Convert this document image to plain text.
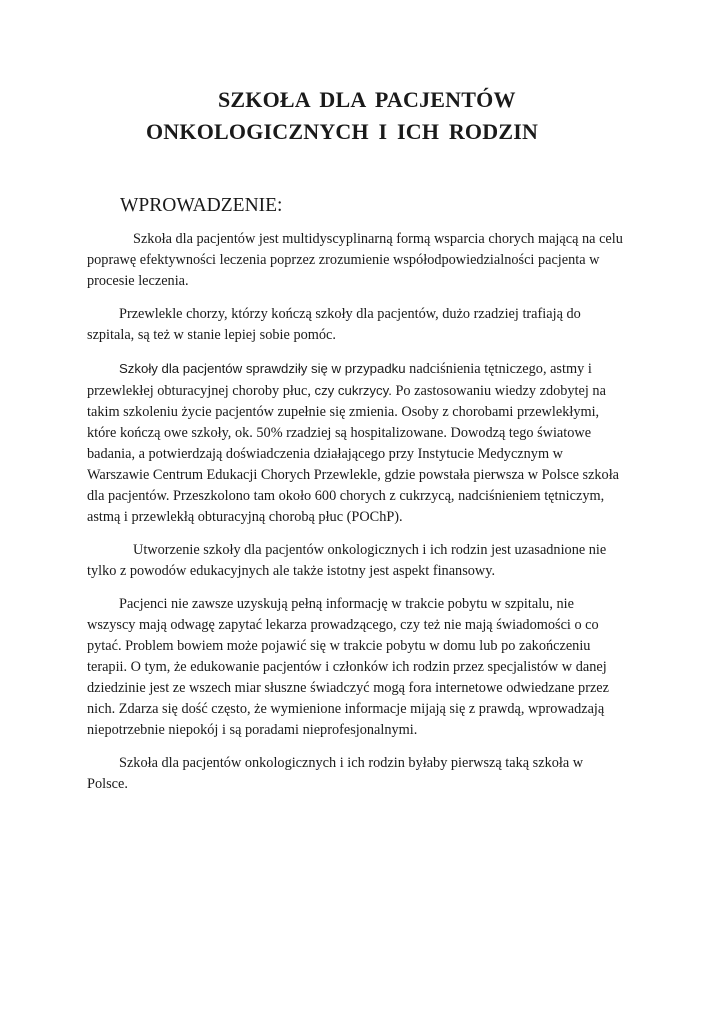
SZKOŁA DLA PACJENTÓW
ONKOLOGICZNYCH I ICH RODZIN
WPROWADZENIE:
Szkoła dla pacjentów jest multidyscyplinarną formą wsparcia chorych mającą na celu
poprawę efektywności leczenia poprzez zrozumienie współodpowiedzialności pacjenta w
procesie leczenia.
Przewlekle chorzy, którzy kończą szkoły dla pacjentów, dużo rzadziej trafiają do
szpitala, są też w stanie lepiej sobie pomóc.
Szkoły dla pacjentów sprawdziły się w przypadku nadciśnienia tętniczego, astmy i
przewlekłej obturacyjnej choroby płuc, czy cukrzycy. Po zastosowaniu wiedzy zdobytej na
takim szkoleniu życie pacjentów zupełnie się zmienia. Osoby z chorobami przewlekłymi,
które kończą owe szkoły, ok. 50% rzadziej są hospitalizowane. Dowodzą tego światowe
badania, a potwierdzają doświadczenia działającego przy Instytucie Medycznym w
Warszawie Centrum Edukacji Chorych Przewlekle, gdzie powstała pierwsza w Polsce szkoła
dla pacjentów. Przeszkolono tam około 600 chorych z cukrzycą, nadciśnieniem tętniczym,
astmą i przewlekłą obturacyjną chorobą płuc (POChP).
Utworzenie szkoły dla pacjentów onkologicznych i ich rodzin jest uzasadnione nie
tylko z powodów edukacyjnych ale także istotny jest aspekt finansowy.
Pacjenci nie zawsze uzyskują pełną informację w trakcie pobytu w szpitalu, nie
wszyscy mają odwagę zapytać lekarza prowadzącego, czy też nie mają świadomości o co
pytać. Problem bowiem może pojawić się w trakcie pobytu w domu lub po zakończeniu
terapii. O tym, że edukowanie pacjentów i członków ich rodzin przez specjalistów w danej
dziedzinie jest ze wszech miar słuszne świadczyć mogą fora internetowe odwiedzane przez
nich. Zdarza się dość często, że wymienione informacje mijają się z prawdą, wprowadzają
niepotrzebnie niepokój i są poradami nieprofesjonalnymi.
Szkoła dla pacjentów onkologicznych i ich rodzin byłaby pierwszą taką szkoła w
Polsce.
